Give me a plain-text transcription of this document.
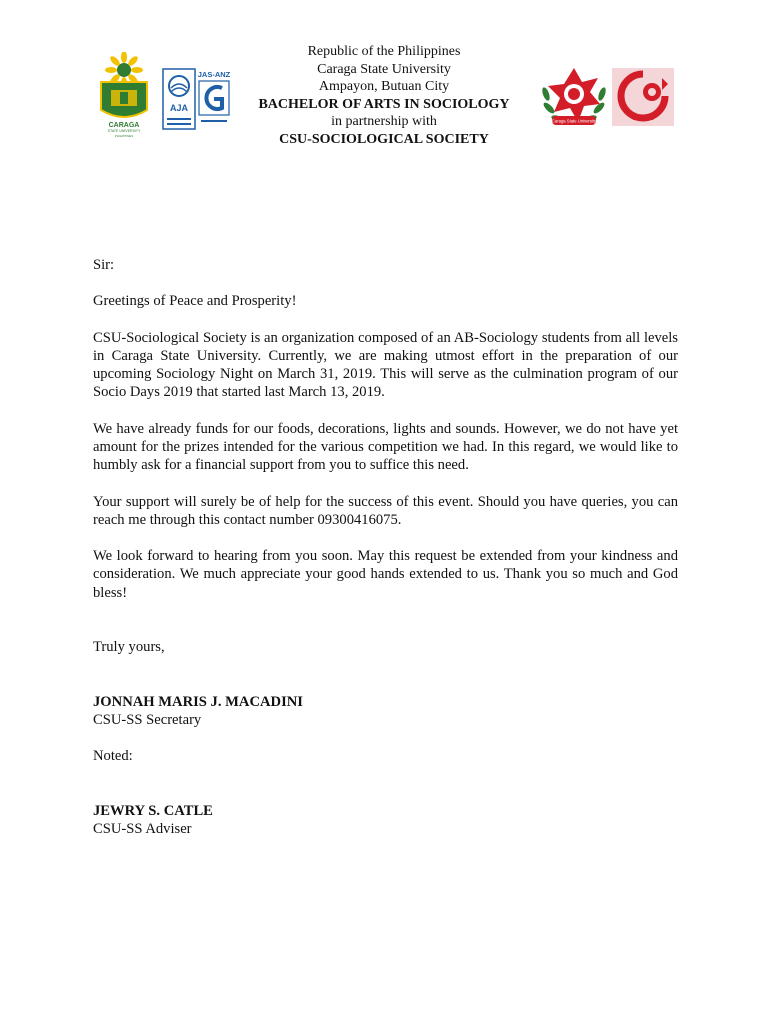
CARAGA
STATE UNIVERSITY
PHILIPPINES
AJA
JAS-ANZ
Republic of the Philippines
Caraga State University
Ampayon, Butuan City
BACHELOR OF ARTS IN SOCIOLOGY
in partnership with
CSU-SOCIOLOGICAL SOCIETY
Caraga State University	CSU SS

Sir:

Greetings of Peace and Prosperity!

CSU-Sociological Society is an organization composed of an AB-Sociology students from all levels in Caraga State University. Currently, we are making utmost effort in the preparation of our upcoming Sociology Night on March 31, 2019. This will serve as the culmination program of our Socio Days 2019 that started last March 13, 2019.

We have already funds for our foods, decorations, lights and sounds. However, we do not have yet amount for the prizes intended for the various competition we had. In this regard, we would like to humbly ask for a financial support from you to suffice this need.

Your support will surely be of help for the success of this event. Should you have queries, you can reach me through this contact number 09300416075.

We look forward to hearing from you soon. May this request be extended from your kindness and consideration. We much appreciate your good hands extended to us. Thank you so much and God bless!

Truly yours,

JONNAH MARIS J. MACADINI
CSU-SS Secretary

Noted:

JEWRY S. CATLE
CSU-SS Adviser
